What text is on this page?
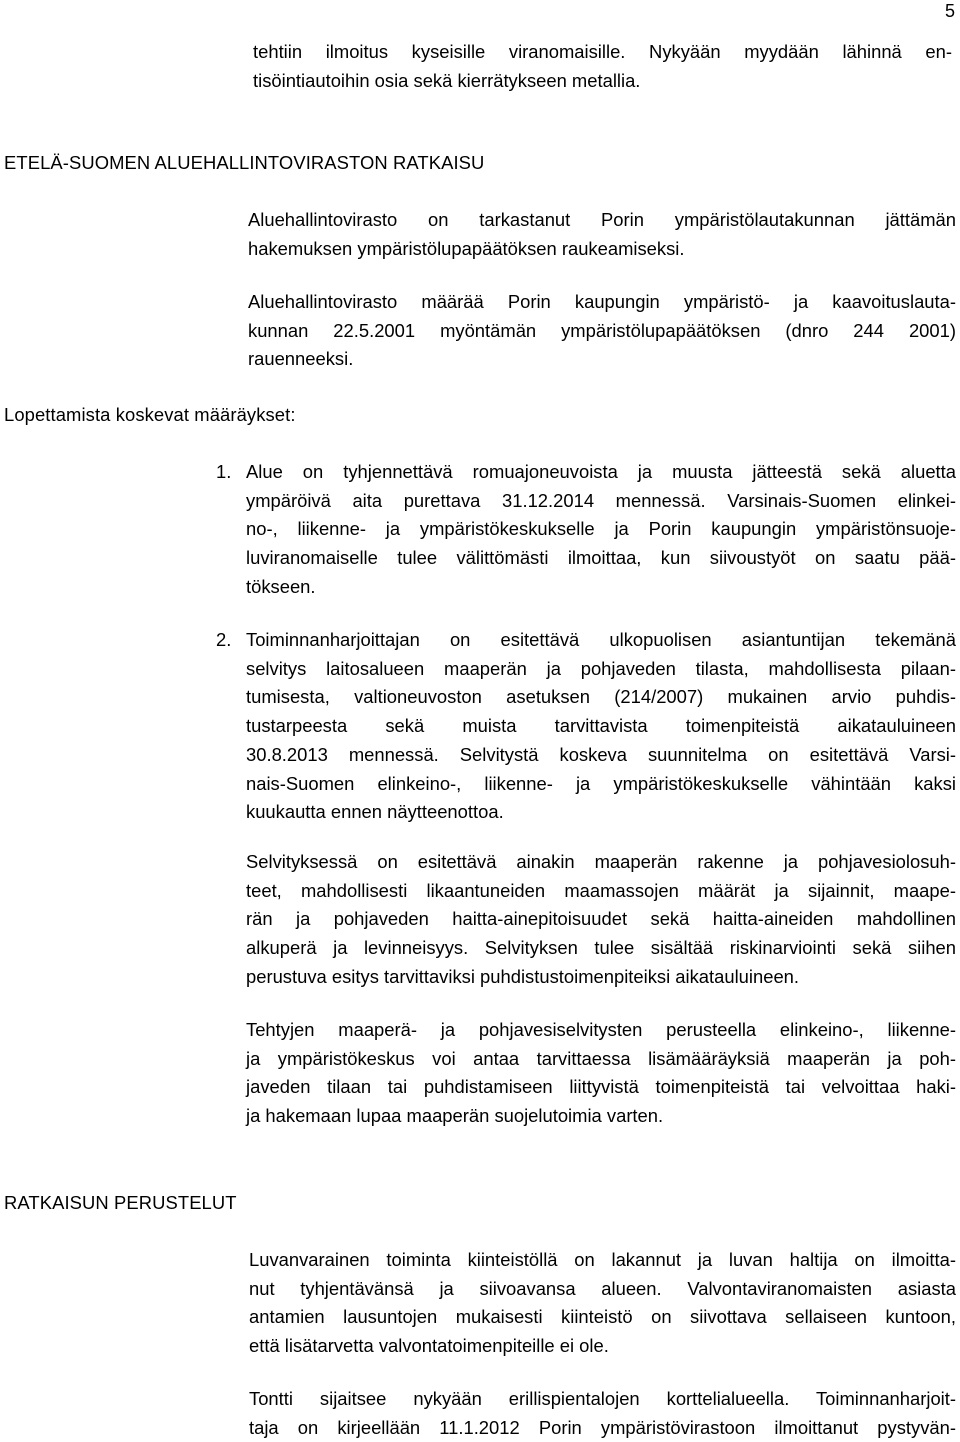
5
tehtiin ilmoitus kyseisille viranomaisille. Nykyään myydään lähinnä en-
tisöintiautoihin osia sekä kierrätykseen metallia.
ETELÄ-SUOMEN ALUEHALLINTOVIRASTON RATKAISU
Aluehallintovirasto on tarkastanut Porin ympäristölautakunnan jättämän
hakemuksen ympäristölupapäätöksen raukeamiseksi.
Aluehallintovirasto määrää Porin kaupungin ympäristö- ja kaavoituslauta-
kunnan 22.5.2001 myöntämän ympäristölupapäätöksen (dnro 244 2001)
rauenneeksi.
Lopettamista koskevat määräykset:
1. Alue on tyhjennettävä romuajoneuvoista ja muusta jätteestä sekä aluetta
ympäröivä aita purettava 31.12.2014 mennessä. Varsinais-Suomen elinkei-
no-, liikenne- ja ympäristökeskukselle ja Porin kaupungin ympäristönsuoje-
luviranomaiselle tulee välittömästi ilmoittaa, kun siivoustyöt on saatu pää-
tökseen.
2. Toiminnanharjoittajan on esitettävä ulkopuolisen asiantuntijan tekemänä
selvitys laitosalueen maaperän ja pohjaveden tilasta, mahdollisesta pilaan-
tumisesta, valtioneuvoston asetuksen (214/2007) mukainen arvio puhdis-
tustarpeesta sekä muista tarvittavista toimenpiteistä aikatauluineen
30.8.2013 mennessä. Selvitystä koskeva suunnitelma on esitettävä Varsi-
nais-Suomen elinkeino-, liikenne- ja ympäristökeskukselle vähintään kaksi
kuukautta ennen näytteenottoa.
Selvityksessä on esitettävä ainakin maaperän rakenne ja pohjavesiolosuh-
teet, mahdollisesti likaantuneiden maamassojen määrät ja sijainnit, maape-
rän ja pohjaveden haitta-ainepitoisuudet sekä haitta-aineiden mahdollinen
alkuperä ja levinneisyys. Selvityksen tulee sisältää riskinarviointi sekä siihen
perustuva esitys tarvittaviksi puhdistustoimenpiteiksi aikatauluineen.
Tehtyjen maaperä- ja pohjavesiselvitysten perusteella elinkeino-, liikenne-
ja ympäristökeskus voi antaa tarvittaessa lisämääräyksiä maaperän ja poh-
javeden tilaan tai puhdistamiseen liittyvistä toimenpiteistä tai velvoittaa haki-
ja hakemaan lupaa maaperän suojelutoimia varten.
RATKAISUN PERUSTELUT
Luvanvarainen toiminta kiinteistöllä on lakannut ja luvan haltija on ilmoitta-
nut tyhjentävänsä ja siivoavansa alueen. Valvontaviranomaisten asiasta
antamien lausuntojen mukaisesti kiinteistö on siivottava sellaiseen kuntoon,
että lisätarvetta valvontatoimenpiteille ei ole.
Tontti sijaitsee nykyään erillispientalojen korttelialueella. Toiminnanharjoit-
taja on kirjeellään 11.1.2012 Porin ympäristövirastoon ilmoittanut pystyvän-
